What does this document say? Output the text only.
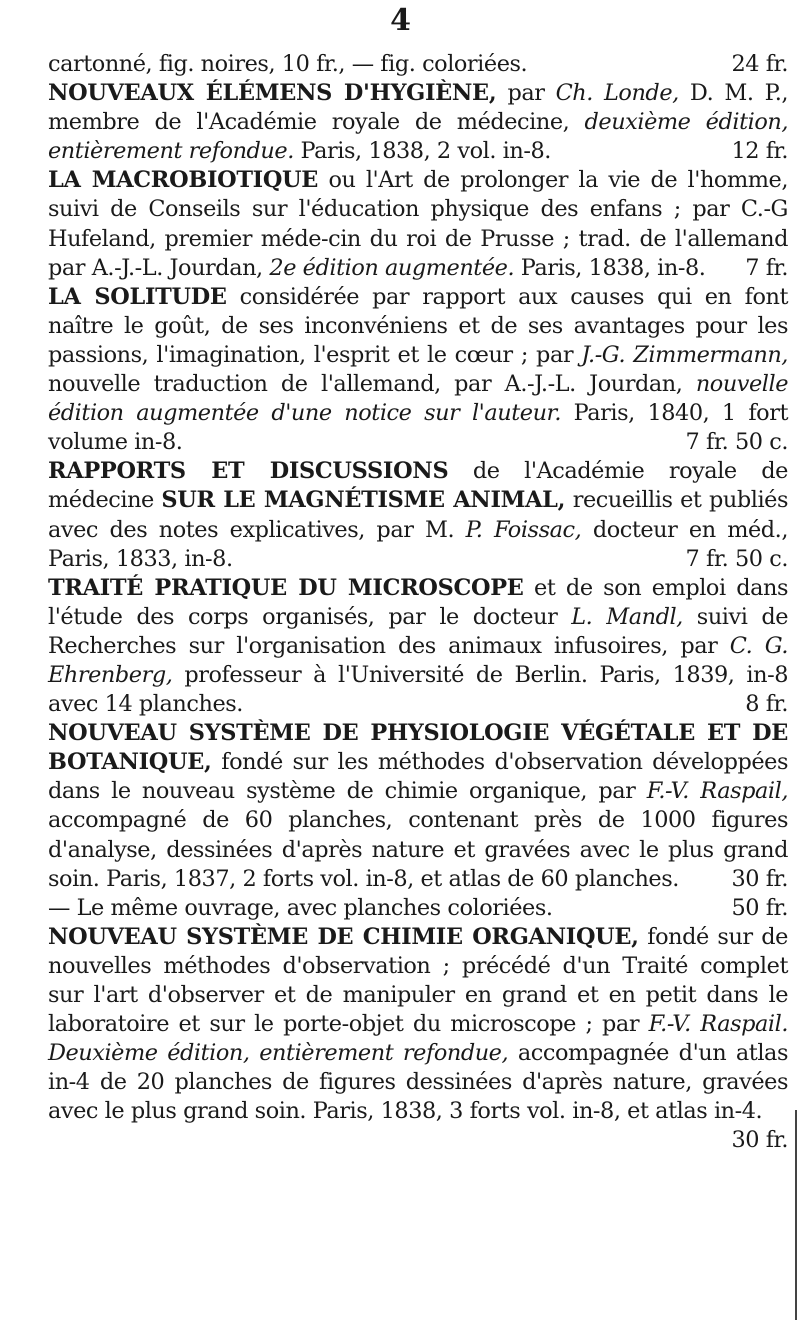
4

cartonné, fig. noires, 10 fr., — fig. coloriées.	24 fr.

NOUVEAUX ÉLÉMENS D'HYGIÈNE, par Ch. Londe, D. M. P., membre de l'Académie royale de médecine, deuxième édition, entièrement refondue. Paris, 1838, 2 vol. in-8.	12 fr.

LA MACROBIOTIQUE ou l'Art de prolonger la vie de l'homme, suivi de Conseils sur l'éducation physique des enfans ; par C.-G Hufeland, premier méde-cin du roi de Prusse ; trad. de l'allemand par A.-J.-L. Jourdan, 2e édition augmentée. Paris, 1838, in-8.	7 fr.

LA SOLITUDE considérée par rapport aux causes qui en font naître le goût, de ses inconvéniens et de ses avantages pour les passions, l'imagination, l'esprit et le cœur ; par J.-G. Zimmermann, nouvelle traduction de l'allemand, par A.-J.-L. Jourdan, nouvelle édition augmentée d'une notice sur l'auteur. Paris, 1840, 1 fort volume in-8.	7 fr. 50 c.

RAPPORTS ET DISCUSSIONS de l'Académie royale de médecine SUR LE MAGNÉTISME ANIMAL, recueillis et publiés avec des notes explicatives, par M. P. Foissac, docteur en méd., Paris, 1833, in-8.	7 fr. 50 c.

TRAITÉ PRATIQUE DU MICROSCOPE et de son emploi dans l'étude des corps organisés, par le docteur L. Mandl, suivi de Recherches sur l'organisation des animaux infusoires, par C. G. Ehrenberg, professeur à l'Université de Berlin. Paris, 1839, in-8 avec 14 planches.	8 fr.

NOUVEAU SYSTÈME DE PHYSIOLOGIE VÉGÉTALE ET DE BOTANIQUE, fondé sur les méthodes d'observation développées dans le nouveau système de chimie organique, par F.-V. Raspail, accompagné de 60 planches, contenant près de 1000 figures d'analyse, dessinées d'après nature et gravées avec le plus grand soin. Paris, 1837, 2 forts vol. in-8, et atlas de 60 planches.	30 fr.

— Le même ouvrage, avec planches coloriées.	50 fr.

NOUVEAU SYSTÈME DE CHIMIE ORGANIQUE, fondé sur de nouvelles méthodes d'observation ; précédé d'un Traité complet sur l'art d'observer et de manipuler en grand et en petit dans le laboratoire et sur le porte-objet du microscope ; par F.-V. Raspail. Deuxième édition, entièrement refondue, accompagnée d'un atlas in-4 de 20 planches de figures dessinées d'après nature, gravées avec le plus grand soin. Paris, 1838, 3 forts vol. in-8, et atlas in-4.
30 fr.
